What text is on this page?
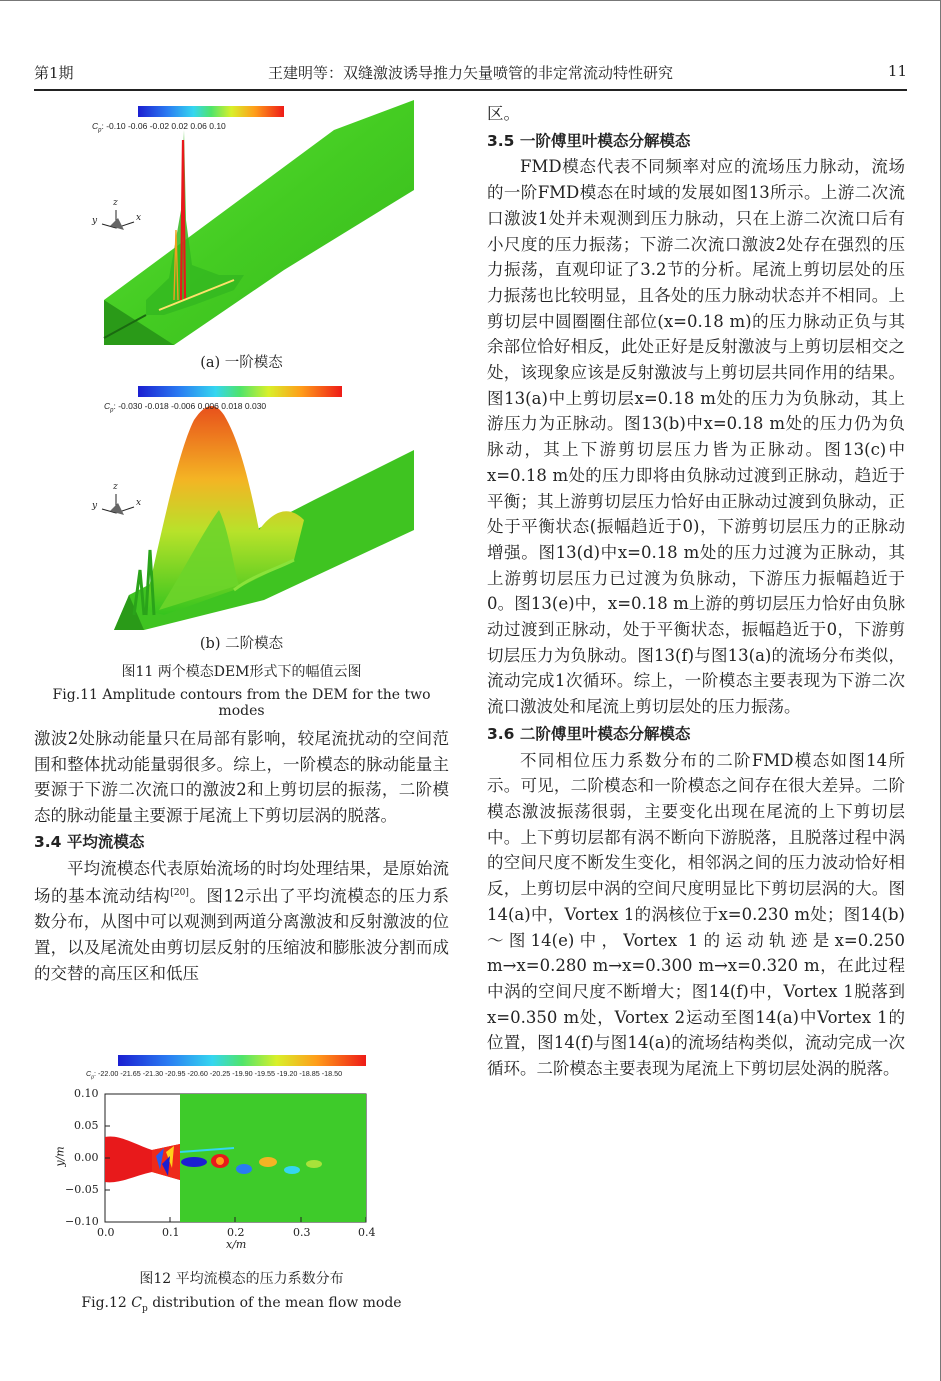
第1期	王建明等：双缝激波诱导推力矢量喷管的非定常流动特性研究	11
$C_p$: -0.10 -0.06 -0.02 0.02 0.06 0.10
z
y	x
(a) 一阶模态
$C_p$: -0.030 -0.018 -0.006 0.006 0.018 0.030
z
y	x
(b) 二阶模态
图11 两个模态DEM形式下的幅值云图
Fig.11 Amplitude contours from the DEM for the two modes

激波2处脉动能量只在局部有影响，较尾流扰动的空间范围和整体扰动能量弱很多。综上，一阶模态的脉动能量主要源于下游二次流口的激波2和上剪切层的振荡，二阶模态的脉动能量主要源于尾流上下剪切层涡的脱落。

3.4 平均流模态

平均流模态代表原始流场的时均处理结果，是原始流场的基本流动结构[20]。图12示出了平均流模态的压力系数分布，从图中可以观测到两道分离激波和反射激波的位置，以及尾流处由剪切层反射的压缩波和膨胀波分割而成的交替的高压区和低压

$C_p$: -22.00 -21.65 -21.30 -20.95 -20.60 -20.25 -19.90 -19.55 -19.20 -18.85 -18.50
0.10
0.05
0.00
−0.05
−0.10
y/m
0.0	0.1	0.2	0.3	0.4
x/m
图12 平均流模态的压力系数分布
Fig.12 $C_p$ distribution of the mean flow mode

区。

3.5 一阶傅里叶模态分解模态

FMD模态代表不同频率对应的流场压力脉动，流场的一阶FMD模态在时域的发展如图13所示。上游二次流口激波1处并未观测到压力脉动，只在上游二次流口后有小尺度的压力振荡；下游二次流口激波2处存在强烈的压力振荡，直观印证了3.2节的分析。尾流上剪切层处的压力振荡也比较明显，且各处的压力脉动状态并不相同。上剪切层中圆圈圈住部位(x=0.18 m)的压力脉动正负与其余部位恰好相反，此处正好是反射激波与上剪切层相交之处，该现象应该是反射激波与上剪切层共同作用的结果。图13(a)中上剪切层x=0.18 m处的压力为负脉动，其上游压力为正脉动。图13(b)中x=0.18 m处的压力仍为负脉动，其上下游剪切层压力皆为正脉动。图13(c)中x=0.18 m处的压力即将由负脉动过渡到正脉动，趋近于平衡；其上游剪切层压力恰好由正脉动过渡到负脉动，正处于平衡状态(振幅趋近于0)，下游剪切层压力的正脉动增强。图13(d)中x=0.18 m处的压力过渡为正脉动，其上游剪切层压力已过渡为负脉动，下游压力振幅趋近于0。图13(e)中，x=0.18 m上游的剪切层压力恰好由负脉动过渡到正脉动，处于平衡状态，振幅趋近于0，下游剪切层压力为负脉动。图13(f)与图13(a)的流场分布类似，流动完成1次循环。综上，一阶模态主要表现为下游二次流口激波处和尾流上剪切层处的压力振荡。

3.6 二阶傅里叶模态分解模态

不同相位压力系数分布的二阶FMD模态如图14所示。可见，二阶模态和一阶模态之间存在很大差异。二阶模态激波振荡很弱，主要变化出现在尾流的上下剪切层中。上下剪切层都有涡不断向下游脱落，且脱落过程中涡的空间尺度不断发生变化，相邻涡之间的压力波动恰好相反，上剪切层中涡的空间尺度明显比下剪切层涡的大。图14(a)中，Vortex 1的涡核位于x=0.230 m处；图14(b)～图14(e)中，Vortex 1的运动轨迹是x=0.250 m→x=0.280 m→x=0.300 m→x=0.320 m，在此过程中涡的空间尺度不断增大；图14(f)中，Vortex 1脱落到x=0.350 m处，Vortex 2运动至图14(a)中Vortex 1的位置，图14(f)与图14(a)的流场结构类似，流动完成一次循环。二阶模态主要表现为尾流上下剪切层处涡的脱落。
